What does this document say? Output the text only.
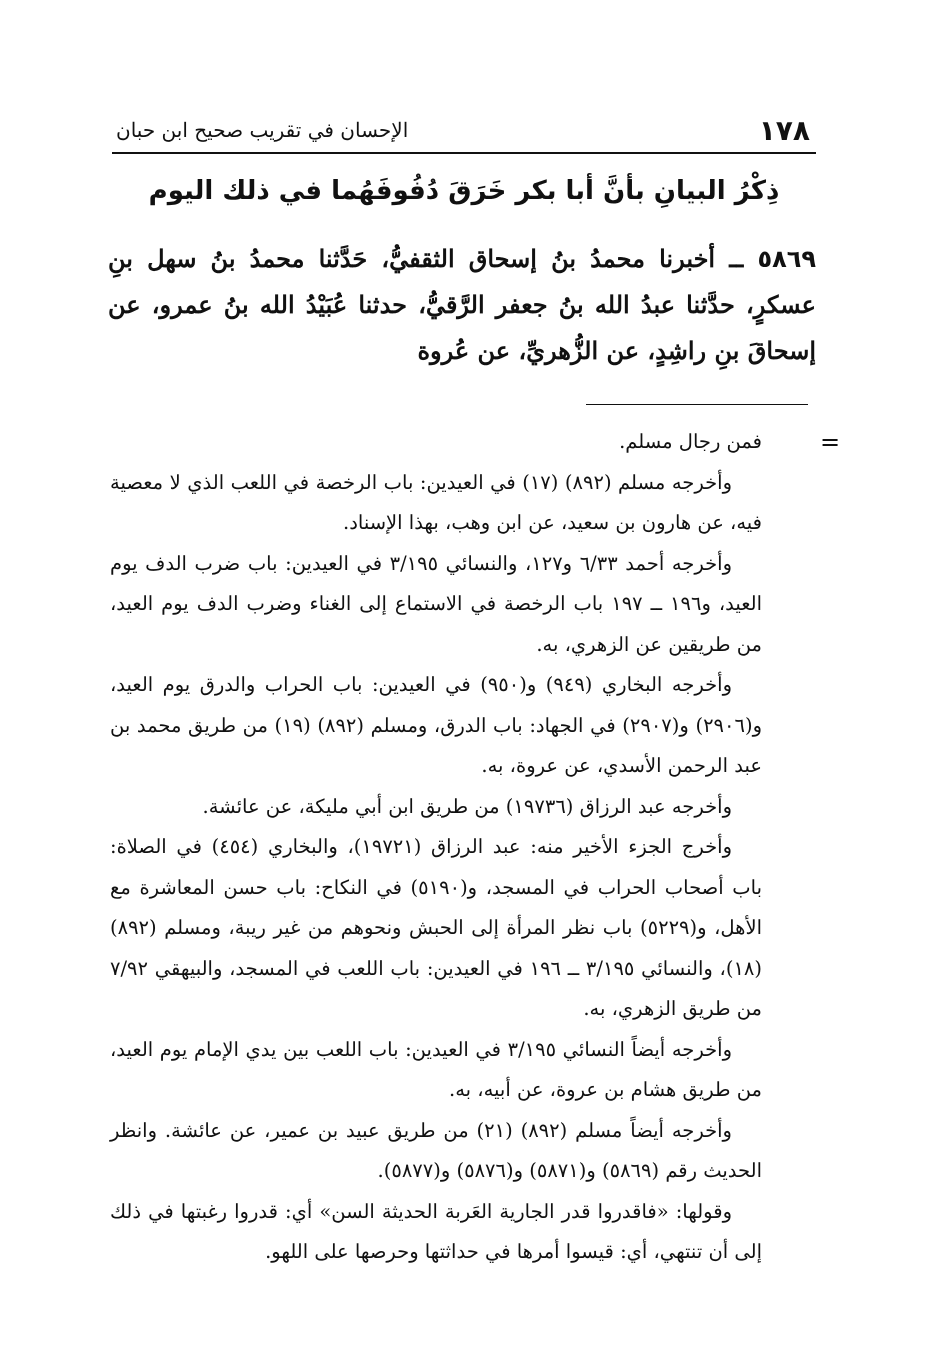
١٧٨
الإحسان في تقريب صحيح ابن حبان
ذِكْرُ البيانِ بأنَّ أبا بكر خَرَقَ دُفُوفَهُما في ذلك اليوم
٥٨٦٩ ــ أخبرنا محمدُ بنُ إسحاق الثقفيُّ، حَدَّثنا محمدُ بنُ سهل بنِ عسكرٍ، حدَّثنا عبدُ الله بنُ جعفر الرَّقيُّ، حدثنا عُبَيْدُ الله بنُ عمرو، عن إسحاقَ بنِ راشِدٍ، عن الزُّهريِّ، عن عُروة
=

فمن رجال مسلم.

وأخرجه مسلم (٨٩٢) (١٧) في العيدين: باب الرخصة في اللعب الذي لا معصية فيه، عن هارون بن سعيد، عن ابن وهب، بهذا الإسناد.

وأخرجه أحمد ٦/٣٣ و١٢٧، والنسائي ٣/١٩٥ في العيدين: باب ضرب الدف يوم العيد، و١٩٦ ــ ١٩٧ باب الرخصة في الاستماع إلى الغناء وضرب الدف يوم العيد، من طريقين عن الزهري، به.

وأخرجه البخاري (٩٤٩) و(٩٥٠) في العيدين: باب الحراب والدرق يوم العيد، و(٢٩٠٦) و(٢٩٠٧) في الجهاد: باب الدرق، ومسلم (٨٩٢) (١٩) من طريق محمد بن عبد الرحمن الأسدي، عن عروة، به.

وأخرجه عبد الرزاق (١٩٧٣٦) من طريق ابن أبي مليكة، عن عائشة.

وأخرج الجزء الأخير منه: عبد الرزاق (١٩٧٢١)، والبخاري (٤٥٤) في الصلاة: باب أصحاب الحراب في المسجد، و(٥١٩٠) في النكاح: باب حسن المعاشرة مع الأهل، و(٥٢٢٩) باب نظر المرأة إلى الحبش ونحوهم من غير ريبة، ومسلم (٨٩٢) (١٨)، والنسائي ٣/١٩٥ ــ ١٩٦ في العيدين: باب اللعب في المسجد، والبيهقي ٧/٩٢ من طريق الزهري، به.

وأخرجه أيضاً النسائي ٣/١٩٥ في العيدين: باب اللعب بين يدي الإمام يوم العيد، من طريق هشام بن عروة، عن أبيه، به.

وأخرجه أيضاً مسلم (٨٩٢) (٢١) من طريق عبيد بن عمير، عن عائشة. وانظر الحديث رقم (٥٨٦٩) و(٥٨٧١) و(٥٨٧٦) و(٥٨٧٧).

وقولها: «فاقدروا قدر الجارية العَربة الحديثة السن» أي: قدروا رغبتها في ذلك إلى أن تنتهي، أي: قيسوا أمرها في حداثتها وحرصها على اللهو.
